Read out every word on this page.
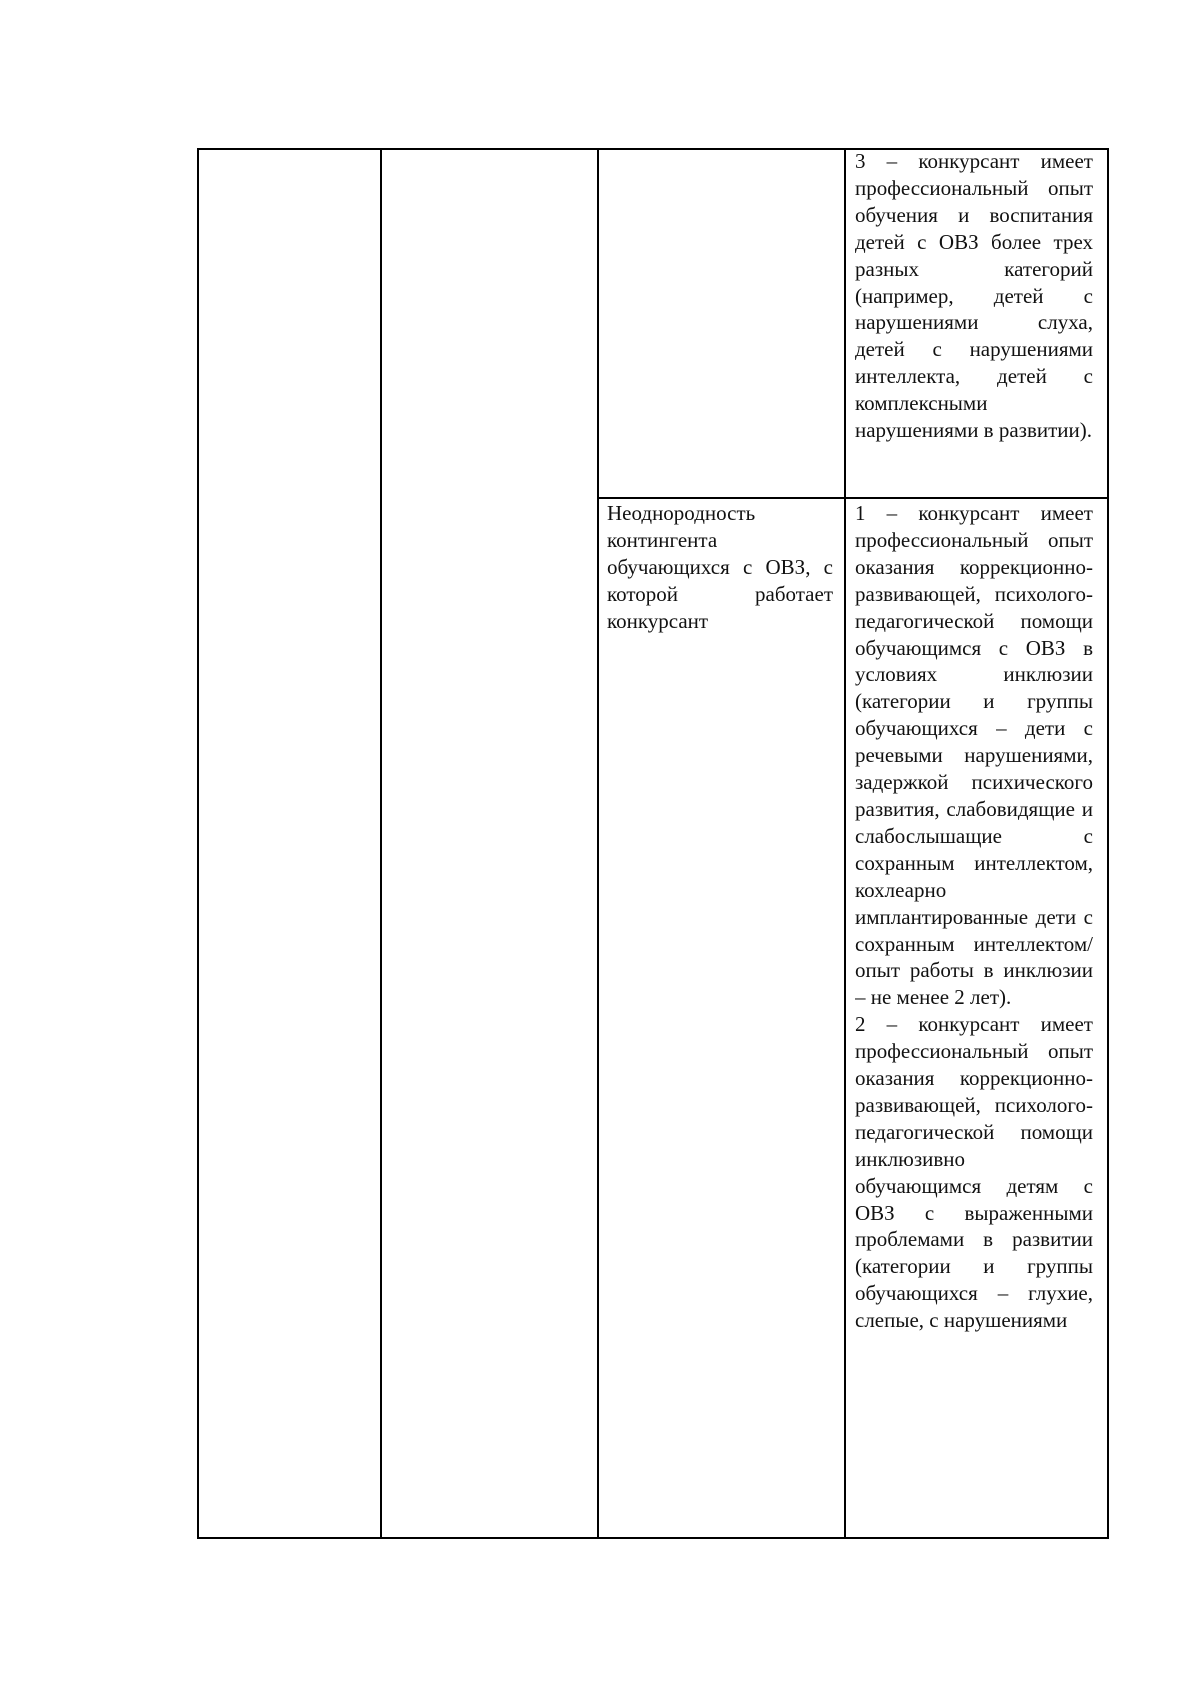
3 – конкурсант имеет профессиональный опыт обучения и воспитания детей с ОВЗ более трех разных категорий (например, детей с нарушениями слуха, детей с нарушениями интеллекта, детей с комплексными нарушениями в развитии).

Неоднородность контингента обучающихся с ОВЗ, с которой работает конкурсант

1 – конкурсант имеет профессиональный опыт оказания коррекционно-развивающей, психолого-педагогической помощи обучающимся с ОВЗ в условиях инклюзии (категории и группы обучающихся – дети с речевыми нарушениями, задержкой психического развития, слабовидящие и слабослышащие с сохранным интеллектом, кохлеарно имплантированные дети с сохранным интеллектом/ опыт работы в инклюзии – не менее 2 лет).

2 – конкурсант имеет профессиональный опыт оказания коррекционно-развивающей, психолого-педагогической помощи инклюзивно обучающимся детям с ОВЗ с выраженными проблемами в развитии (категории и группы обучающихся – глухие, слепые, с нарушениями
